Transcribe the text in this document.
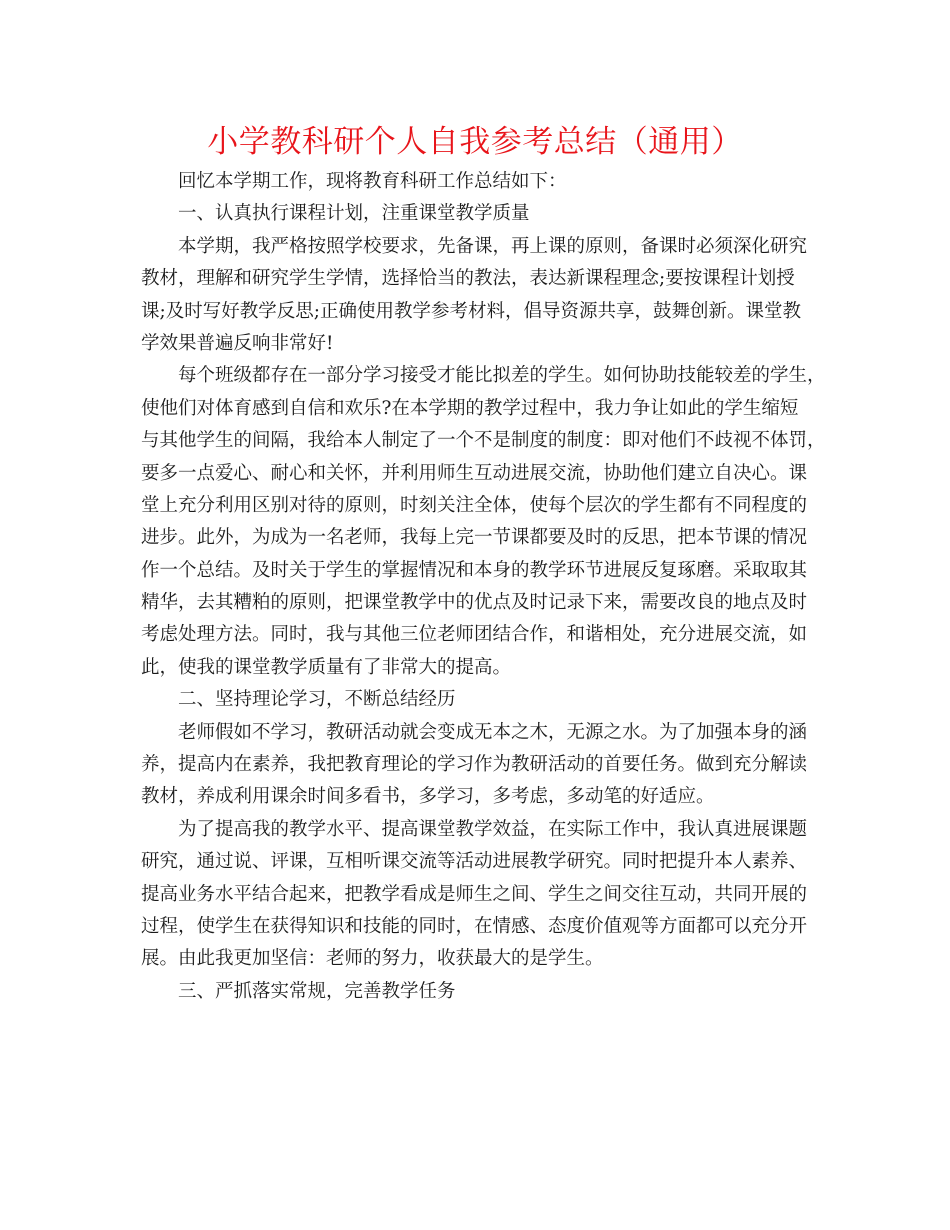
小学教科研个人自我参考总结（通用）
回忆本学期工作，现将教育科研工作总结如下：
一、认真执行课程计划，注重课堂教学质量
本学期，我严格按照学校要求，先备课，再上课的原则，备课时必须深化研究
教材，理解和研究学生学情，选择恰当的教法，表达新课程理念;要按课程计划授
课;及时写好教学反思;正确使用教学参考材料，倡导资源共享，鼓舞创新。课堂教
学效果普遍反响非常好!
每个班级都存在一部分学习接受才能比拟差的学生。如何协助技能较差的学生，
使他们对体育感到自信和欢乐?在本学期的教学过程中，我力争让如此的学生缩短
与其他学生的间隔，我给本人制定了一个不是制度的制度：即对他们不歧视不体罚，
要多一点爱心、耐心和关怀，并利用师生互动进展交流，协助他们建立自决心。课
堂上充分利用区别对待的原则，时刻关注全体，使每个层次的学生都有不同程度的
进步。此外，为成为一名老师，我每上完一节课都要及时的反思，把本节课的情况
作一个总结。及时关于学生的掌握情况和本身的教学环节进展反复琢磨。采取取其
精华，去其糟粕的原则，把课堂教学中的优点及时记录下来，需要改良的地点及时
考虑处理方法。同时，我与其他三位老师团结合作，和谐相处，充分进展交流，如
此，使我的课堂教学质量有了非常大的提高。
二、坚持理论学习，不断总结经历
老师假如不学习，教研活动就会变成无本之木，无源之水。为了加强本身的涵
养，提高内在素养，我把教育理论的学习作为教研活动的首要任务。做到充分解读
教材，养成利用课余时间多看书，多学习，多考虑，多动笔的好适应。
为了提高我的教学水平、提高课堂教学效益，在实际工作中，我认真进展课题
研究，通过说、评课，互相听课交流等活动进展教学研究。同时把提升本人素养、
提高业务水平结合起来，把教学看成是师生之间、学生之间交往互动，共同开展的
过程，使学生在获得知识和技能的同时，在情感、态度价值观等方面都可以充分开
展。由此我更加坚信：老师的努力，收获最大的是学生。
三、严抓落实常规，完善教学任务
